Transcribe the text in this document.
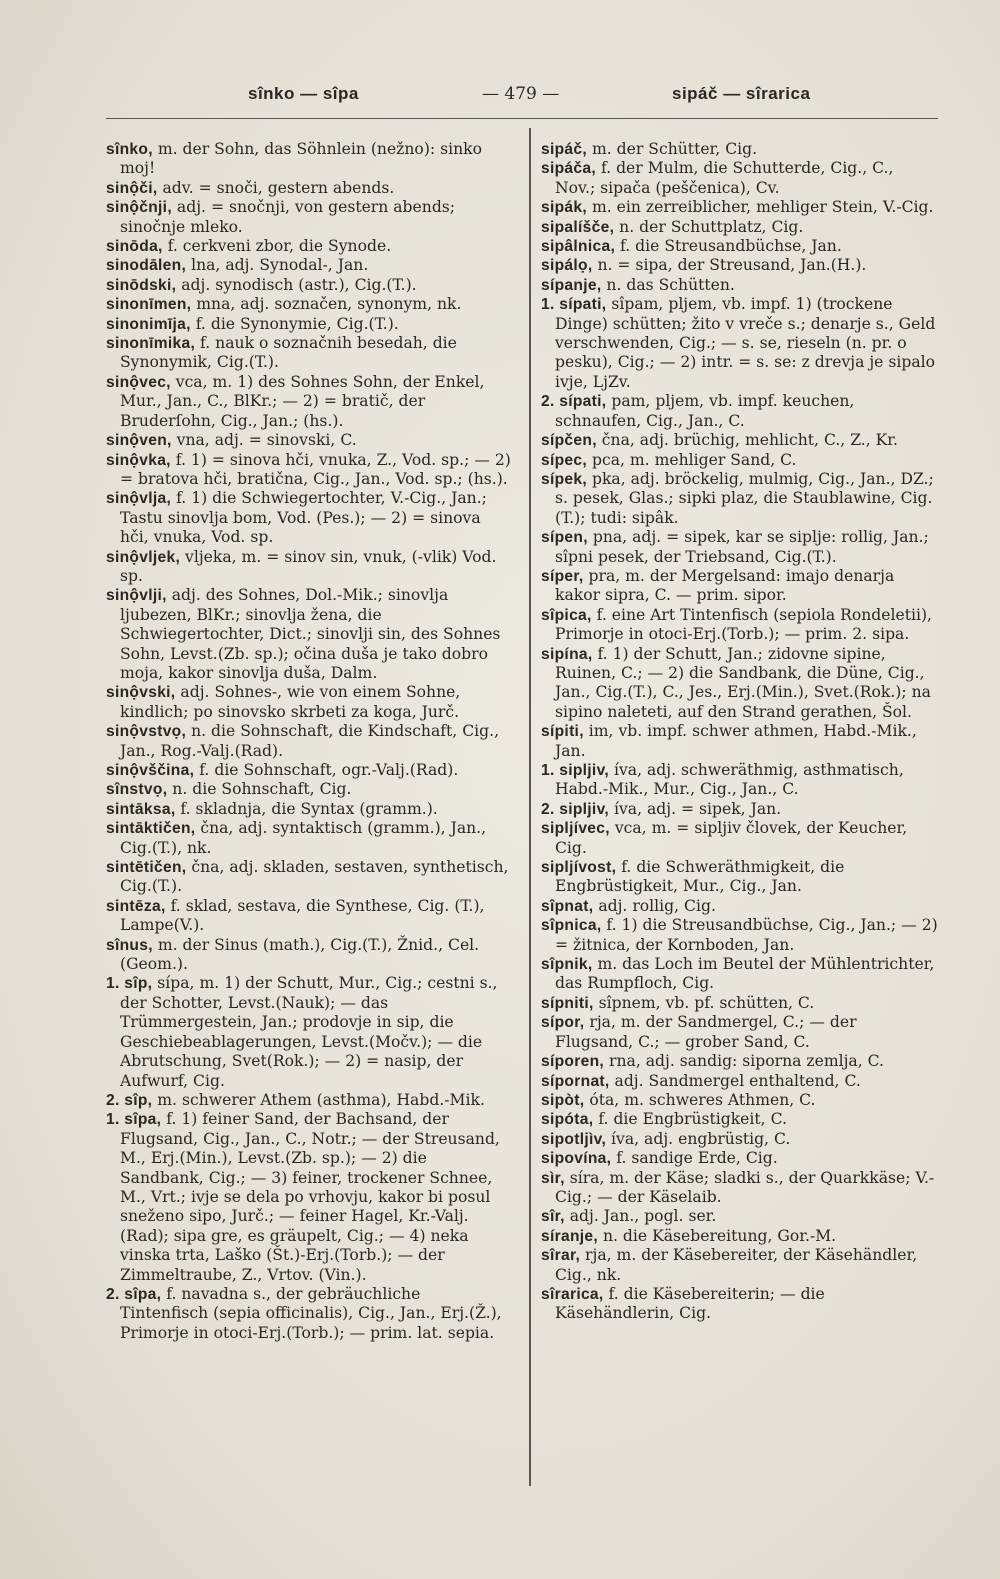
sînko — sîpa	— 479 —	sipáč — sîrarica

sînko, m. der Sohn, das Söhnlein (nežno): sinko moj!

sinộči, adv. = snoči, gestern abends.

sinộčnji, adj. = snočnji, von gestern abends; sinočnje mleko.

sinōda, f. cerkveni zbor, die Synode.

sinodālen, lna, adj. Synodal-, Jan.

sinōdski, adj. synodisch (astr.), Cig.(T.).

sinonīmen, mna, adj. soznačen, synonym, nk.

sinonimīja, f. die Synonymie, Cig.(T.).

sinonīmika, f. nauk o soznačnih besedah, die Synonymik, Cig.(T.).

sinộvec, vca, m. 1) des Sohnes Sohn, der Enkel, Mur., Jan., C., BlKr.; — 2) = bratič, der Bruderſohn, Cig., Jan.; (hs.).

sinộven, vna, adj. = sinovski, C.

sinộvka, f. 1) = sinova hči, vnuka, Z., Vod. sp.; — 2) = bratova hči, bratična, Cig., Jan., Vod. sp.; (hs.).

sinộvlja, f. 1) die Schwiegertochter, V.-Cig., Jan.; Tastu sinovlja bom, Vod. (Pes.); — 2) = sinova hči, vnuka, Vod. sp.

sinộvljek, vljeka, m. = sinov sin, vnuk, (-vlik) Vod. sp.

sinộvlji, adj. des Sohnes, Dol.-Mik.; sinovlja ljubezen, BlKr.; sinovlja žena, die Schwiegertochter, Dict.; sinovlji sin, des Sohnes Sohn, Levst.(Zb. sp.); očina duša je tako dobro moja, kakor sinovlja duša, Dalm.

sinộvski, adj. Sohnes-, wie von einem Sohne, kindlich; po sinovsko skrbeti za koga, Jurč.

sinộvstvọ, n. die Sohnschaft, die Kindschaft, Cig., Jan., Rog.-Valj.(Rad).

sinộvščina, f. die Sohnschaft, ogr.-Valj.(Rad).

sînstvọ, n. die Sohnschaft, Cig.

sintāksa, f. skladnja, die Syntax (gramm.).

sintāktičen, čna, adj. syntaktisch (gramm.), Jan., Cig.(T.), nk.

sintētičen, čna, adj. skladen, sestaven, synthetisch, Cig.(T.).

sintēza, f. sklad, sestava, die Synthese, Cig. (T.), Lampe(V.).

sînus, m. der Sinus (math.), Cig.(T.), Žnid., Cel.(Geom.).

1. sîp, sípa, m. 1) der Schutt, Mur., Cig.; cestni s., der Schotter, Levst.(Nauk); — das Trümmergestein, Jan.; prodovje in sip, die Geschiebeablagerungen, Levst.(Močv.); — die Abrutschung, Svet(Rok.); — 2) = nasip, der Aufwurf, Cig.

2. sîp, m. schwerer Athem (asthma), Habd.-Mik.

1. sîpa, f. 1) feiner Sand, der Bachsand, der Flugsand, Cig., Jan., C., Notr.; — der Streusand, M., Erj.(Min.), Levst.(Zb. sp.); — 2) die Sandbank, Cig.; — 3) feiner, trockener Schnee, M., Vrt.; ivje se dela po vrhovju, kakor bi posul sneženo sipo, Jurč.; — feiner Hagel, Kr.-Valj.(Rad); sipa gre, es gräupelt, Cig.; — 4) neka vinska trta, Laško (Št.)-Erj.(Torb.); — der Zimmeltraube, Z., Vrtov. (Vin.).

2. sîpa, f. navadna s., der gebräuchliche Tintenfisch (sepia officinalis), Cig., Jan., Erj.(Ž.), Primorje in otoci-Erj.(Torb.); — prim. lat. sepia.

sipáč, m. der Schütter, Cig.

sipáča, f. der Mulm, die Schutterde, Cig., C., Nov.; sipača (peščenica), Cv.

sipák, m. ein zerreiblicher, mehliger Stein, V.-Cig.

sipalíšče, n. der Schuttplatz, Cig.

sipâlnica, f. die Streusandbüchse, Jan.

sipálọ, n. = sipa, der Streusand, Jan.(H.).

sípanje, n. das Schütten.

1. sípati, sîpam, pljem, vb. impf. 1) (trockene Dinge) schütten; žito v vreče s.; denarje s., Geld verschwenden, Cig.; — s. se, rieseln (n. pr. o pesku), Cig.; — 2) intr. = s. se: z drevja je sipalo ivje, LjZv.

2. sípati, pam, pljem, vb. impf. keuchen, schnaufen, Cig., Jan., C.

sípčen, čna, adj. brüchig, mehlicht, C., Z., Kr.

sípec, pca, m. mehliger Sand, C.

sípek, pka, adj. bröckelig, mulmig, Cig., Jan., DZ.; s. pesek, Glas.; sipki plaz, die Staublawine, Cig.(T.); tudi: sipâk.

sípen, pna, adj. = sipek, kar se siplje: rollig, Jan.; sîpni pesek, der Triebsand, Cig.(T.).

síper, pra, m. der Mergelsand: imajo denarja kakor sipra, C. — prim. sipor.

sîpica, f. eine Art Tintenfisch (sepiola Rondeletii), Primorje in otoci-Erj.(Torb.); — prim. 2. sipa.

sipína, f. 1) der Schutt, Jan.; zidovne sipine, Ruinen, C.; — 2) die Sandbank, die Düne, Cig., Jan., Cig.(T.), C., Jes., Erj.(Min.), Svet.(Rok.); na sipino naleteti, auf den Strand gerathen, Šol.

sípiti, im, vb. impf. schwer athmen, Habd.-Mik., Jan.

1. sipljiv, íva, adj. schweräthmig, asthmatisch, Habd.-Mik., Mur., Cig., Jan., C.

2. sipljiv, íva, adj. = sipek, Jan.

sipljívec, vca, m. = sipljiv človek, der Keucher, Cig.

sipljívost, f. die Schweräthmigkeit, die Engbrüstigkeit, Mur., Cig., Jan.

sîpnat, adj. rollig, Cig.

sîpnica, f. 1) die Streusandbüchse, Cig., Jan.; — 2) = žitnica, der Kornboden, Jan.

sîpnik, m. das Loch im Beutel der Mühlentrichter, das Rumpfloch, Cig.

sípniti, sîpnem, vb. pf. schütten, C.

sípor, rja, m. der Sandmergel, C.; — der Flugsand, C.; — grober Sand, C.

síporen, rna, adj. sandig: siporna zemlja, C.

sípornat, adj. Sandmergel enthaltend, C.

sipòt, óta, m. schweres Athmen, C.

sipóta, f. die Engbrüstigkeit, C.

sipotljìv, íva, adj. engbrüstig, C.

sipovína, f. sandige Erde, Cig.

sìr, síra, m. der Käse; sladki s., der Quarkkäse; V.-Cig.; — der Käselaib.

sîr, adj. Jan., pogl. ser.

síranje, n. die Käsebereitung, Gor.-M.

sîrar, rja, m. der Käsebereiter, der Käsehändler, Cig., nk.

sîrarica, f. die Käsebereiterin; — die Käsehändlerin, Cig.
